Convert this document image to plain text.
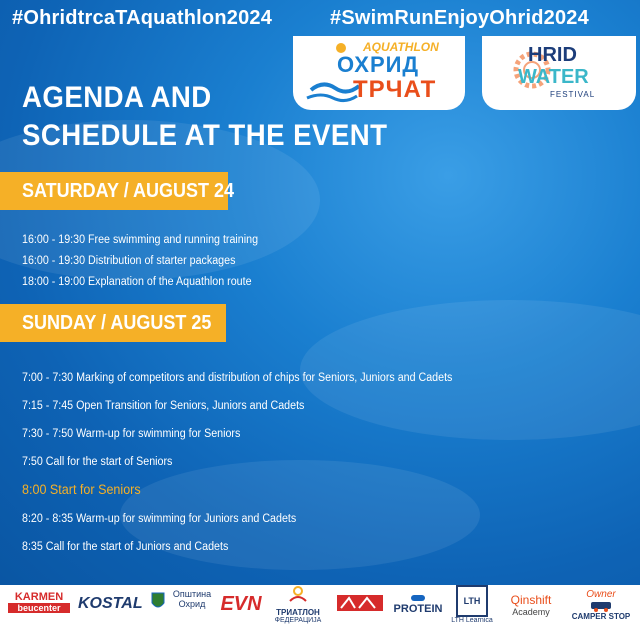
#OhridtrcaTAquathlon2024	#SwimRunEnjoyOhrid2024
AQUATHLON
ОХРИД
ТРЧАТ
HRID
WATER
FESTIVAL
AGENDA AND
SCHEDULE AT THE EVENT
SATURDAY / AUGUST 24
16:00 - 19:30 Free swimming and running training
16:00 - 19:30 Distribution of starter packages
18:00 - 19:00 Explanation of the Aquathlon route
SUNDAY / AUGUST 25
7:00 - 7:30 Marking of competitors and distribution of chips for Seniors, Juniors and Cadets
7:15 - 7:45 Open Transition for Seniors, Juniors and Cadets
7:30 - 7:50 Warm-up for swimming for Seniors
7:50 Call for the start of Seniors
8:00 Start for Seniors
8:20 - 8:35 Warm-up for swimming for Juniors and Cadets
8:35 Call for the start of Juniors and Cadets
KARMEN
beucenter	KOSTAL
Општина
Охрид EVN	ТРИАТЛОН
ФЕДЕРАЦИЈА
PROTEIN
LTH
LTH Learnica
Qinshift
Academy
Owner
CAMPER STOP
